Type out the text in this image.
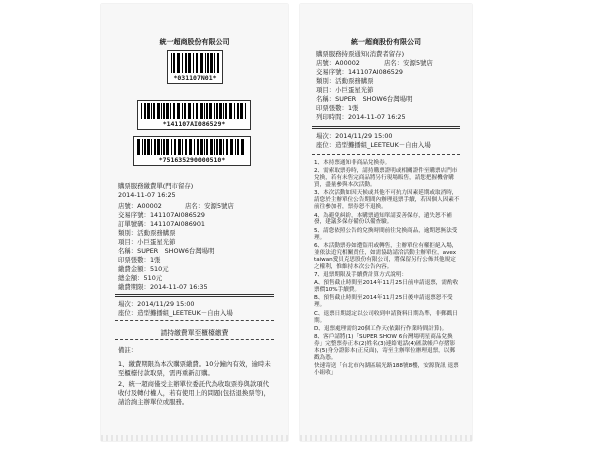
統一超商股份有限公司
*031107N01*
*141107AI086529*
*751635290000510*
購票服務繳費單(門市留存)
2014-11-07 16:25
店號：A00002	店名：安源5號店
交易序號：141107AI086529
訂單號碼：141107AI086901
類別：活動票務購票
項目：小巨蛋星光節
名稱：SUPER　SHOW6台灣場明
印票張數：1張
繳費金額：510元
總金額：510元
繳費期限：2014-11-07 16:35
場次：2014/11/29 15:00
座位：造型攤播組_LEETEUK－自由入場
請持繳費單至櫃檯繳費
備註：
1、繳費期限為本次購票繳費。10分鐘內有效，逾時未至櫃檯付款取票，需再重新訂購。
2、統一超商僅受主辦單位委託代為收取票券與款項代收付及轉付權人，若有使用上的問題(包括退換票等)，請洽詢主辦單位或服務。
統一超商股份有限公司
購票服務持票通知(消費者留存)
店號：A00002	店名：安源5號店
交易序號：141107AI086529
類別：活動票務購票
項目：小巨蛋星光節
名稱：SUPER　SHOW6台灣場明
印票張數：1張
列印時間：2014-11-07 16:25
場次：2014/11/29 15:00
座位：造型攤播組_LEETEUK－自由入場
1、本持票通知非商品兌換券。
2、需索取票券時，請持購票證明或相關證件至購票店門市兌換，若有未售完商品將另行現場販售，請您把握機會購買，盡量參與本次活動。
3、本次活動如因天候或其他不可抗力因素延期或取消時，請您於主辦單位公告期間內辦理退票手續，若因個人因素不前往參加者，票券恕不退換。
4、為避免糾紛，本購票通知單請妥善保存，遺失恕不補發，建議多保存備份以備查驗。
5、請您依照公告的兌換時間前往兌換商品，逾期恕無法受理。
6、本活動票券如遭盜用或轉售，主辦單位有權拒絕入場，並依法追究相關責任，如需協助請洽活動主辦單位，avex taiwan愛貝克思股份有限公司，將保留另行公佈其他規定之權利，惟維持本次公告內容。
7、退票期限及手續費計算方式說明：
A、預售截止時間至2014年11月25日前申請退票，需酌收票價10%手續費。
B、預售截止時間至2014年11月25日後申請退票恕不受理。
C、退票日期認定以公司收到申請資料日期為準，非郵戳日期。
D、退票處理需約20個工作天(依銀行作業時間計算)。
8、客戶請將(1)「SUPER SHOW 6台灣場明星商品兌換券」完整票券正本(2)姓名(3)連絡電話(4)匯款帳戶存摺影本(5)身分證影本(正反面)，寄至主辦單位辦理退票，以郵戳為憑。
快速寄送「台北市內湖區瑞光路188號8樓，安源資訊 退票小組收」
